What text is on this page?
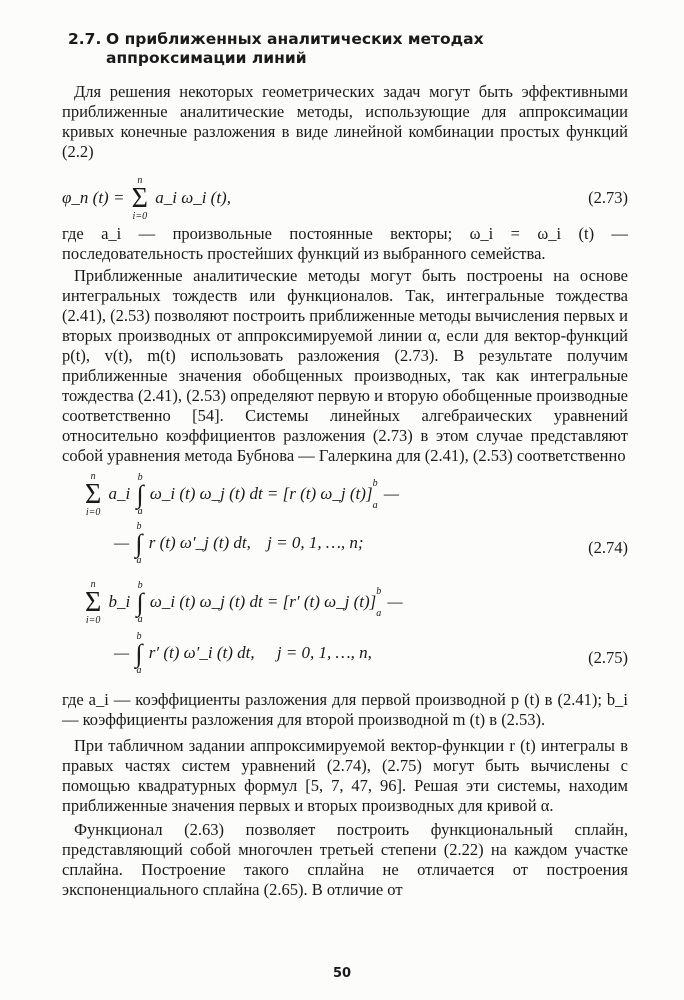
2.7. О приближенных аналитических методах аппроксимации линий

Для решения некоторых геометрических задач могут быть эффективными приближенные аналитические методы, использующие для аппроксимации кривых конечные разложения в виде линейной комбинации простых функций (2.2)

φ_n (t) =
n
Σ
i=0
a_i ω_i (t),	(2.73)

где a_i — произвольные постоянные векторы; ω_i = ω_i (t) — последовательность простейших функций из выбранного семейства.

Приближенные аналитические методы могут быть построены на основе интегральных тождеств или функционалов. Так, интегральные тождества (2.41), (2.53) позволяют построить приближенные методы вычисления первых и вторых производных от аппроксимируемой линии α, если для вектор-функций p(t), v(t), m(t) использовать разложения (2.73). В результате получим приближенные значения обобщенных производных, так как интегральные тождества (2.41), (2.53) определяют первую и вторую обобщенные производные соответственно [54]. Системы линейных алгебраических уравнений относительно коэффициентов разложения (2.73) в этом случае представляют собой уравнения метода Бубнова — Галеркина для (2.41), (2.53) соответственно

n
Σ
i=0
a_i
b
∫
a
ω_i (t) ω_j (t) dt = [r (t) ω_j (t)]
b

a
—
—
b
∫
a
r (t) ω′_j (t) dt, j = 0, 1, …, n;	(2.74)
n
Σ
i=0
b_i
b
∫
a
ω_i (t) ω_j (t) dt = [r′ (t) ω_j (t)]
b

a
—
—
b
∫
a
r′ (t) ω′_i (t) dt, j = 0, 1, …, n,	(2.75)

где a_i — коэффициенты разложения для первой производной p (t) в (2.41); b_i — коэффициенты разложения для второй производной m (t) в (2.53).

При табличном задании аппроксимируемой вектор-функции r (t) интегралы в правых частях систем уравнений (2.74), (2.75) могут быть вычислены с помощью квадратурных формул [5, 7, 47, 96]. Решая эти системы, находим приближенные значения первых и вторых производных для кривой α.

Функционал (2.63) позволяет построить функциональный сплайн, представляющий собой многочлен третьей степени (2.22) на каждом участке сплайна. Построение такого сплайна не отличается от построения экспоненциального сплайна (2.65). В отличие от

50
